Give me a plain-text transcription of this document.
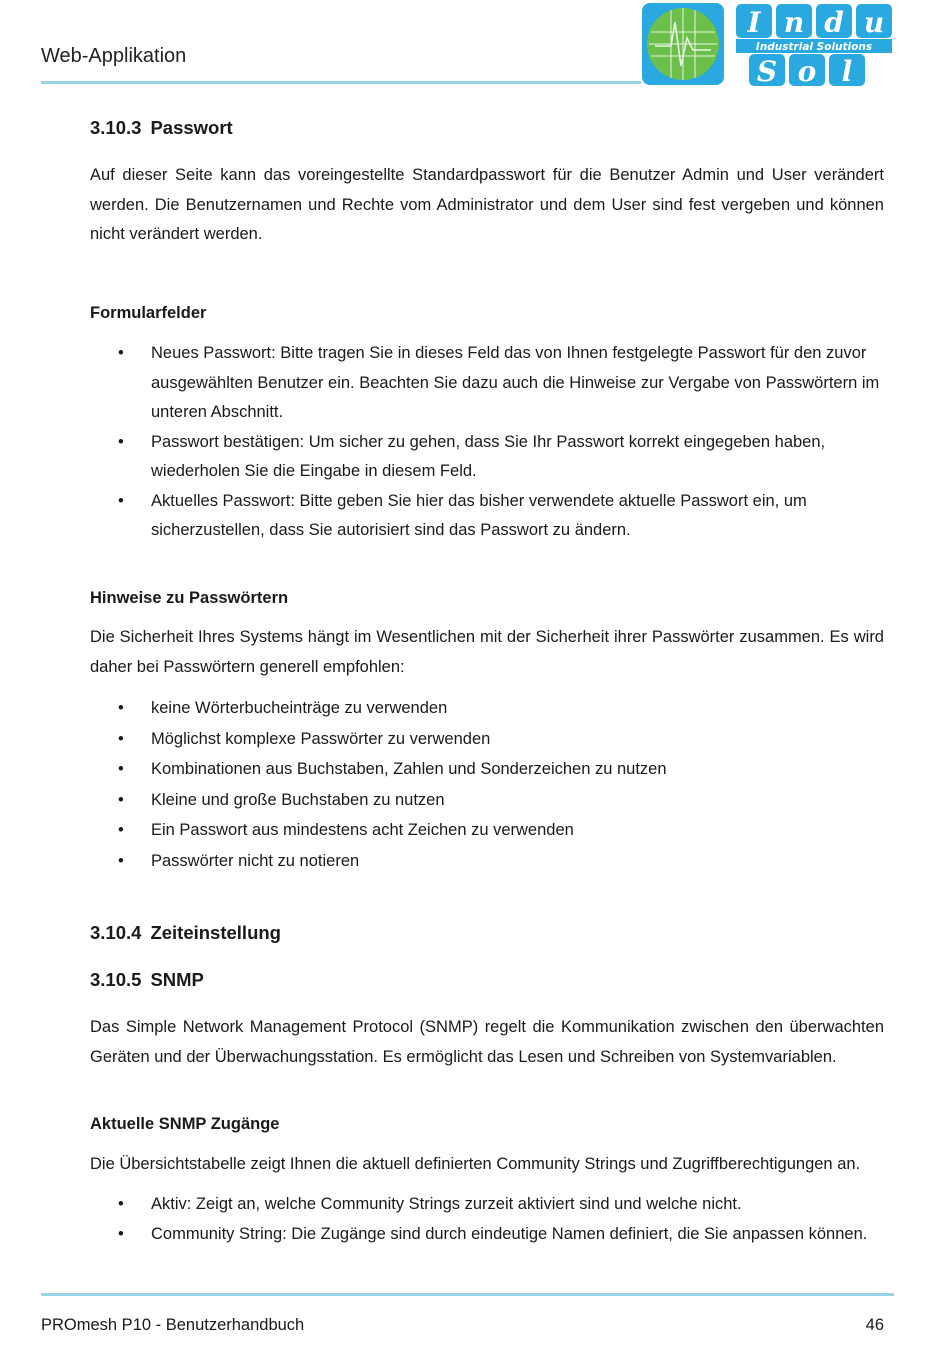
Web-Applikation
I n d u
Industrial Solutions
S o l
3.10.3 Passwort

Auf dieser Seite kann das voreingestellte Standardpasswort für die Benutzer Admin und User verändert werden. Die Benutzernamen und Rechte vom Administrator und dem User sind fest vergeben und können nicht verändert werden.

Formularfelder
• Neues Passwort: Bitte tragen Sie in dieses Feld das von Ihnen festgelegte Passwort für den zuvor ausgewählten Benutzer ein. Beachten Sie dazu auch die Hinweise zur Vergabe von Passwörtern im unteren Abschnitt.
• Passwort bestätigen: Um sicher zu gehen, dass Sie Ihr Passwort korrekt eingegeben haben, wiederholen Sie die Eingabe in diesem Feld.
• Aktuelles Passwort: Bitte geben Sie hier das bisher verwendete aktuelle Passwort ein, um sicherzustellen, dass Sie autorisiert sind das Passwort zu ändern.
Hinweise zu Passwörtern

Die Sicherheit Ihres Systems hängt im Wesentlichen mit der Sicherheit ihrer Passwörter zusammen. Es wird daher bei Passwörtern generell empfohlen:

• keine Wörterbucheinträge zu verwenden
• Möglichst komplexe Passwörter zu verwenden
• Kombinationen aus Buchstaben, Zahlen und Sonderzeichen zu nutzen
• Kleine und große Buchstaben zu nutzen
• Ein Passwort aus mindestens acht Zeichen zu verwenden
• Passwörter nicht zu notieren
3.10.4 Zeiteinstellung
3.10.5 SNMP

Das Simple Network Management Protocol (SNMP) regelt die Kommunikation zwischen den überwachten Geräten und der Überwachungsstation. Es ermöglicht das Lesen und Schreiben von Systemvariablen.

Aktuelle SNMP Zugänge

Die Übersichtstabelle zeigt Ihnen die aktuell definierten Community Strings und Zugriffberechtigungen an.

• Aktiv: Zeigt an, welche Community Strings zurzeit aktiviert sind und welche nicht.
• Community String: Die Zugänge sind durch eindeutige Namen definiert, die Sie anpassen können.
PROmesh P10 - Benutzerhandbuch	46
